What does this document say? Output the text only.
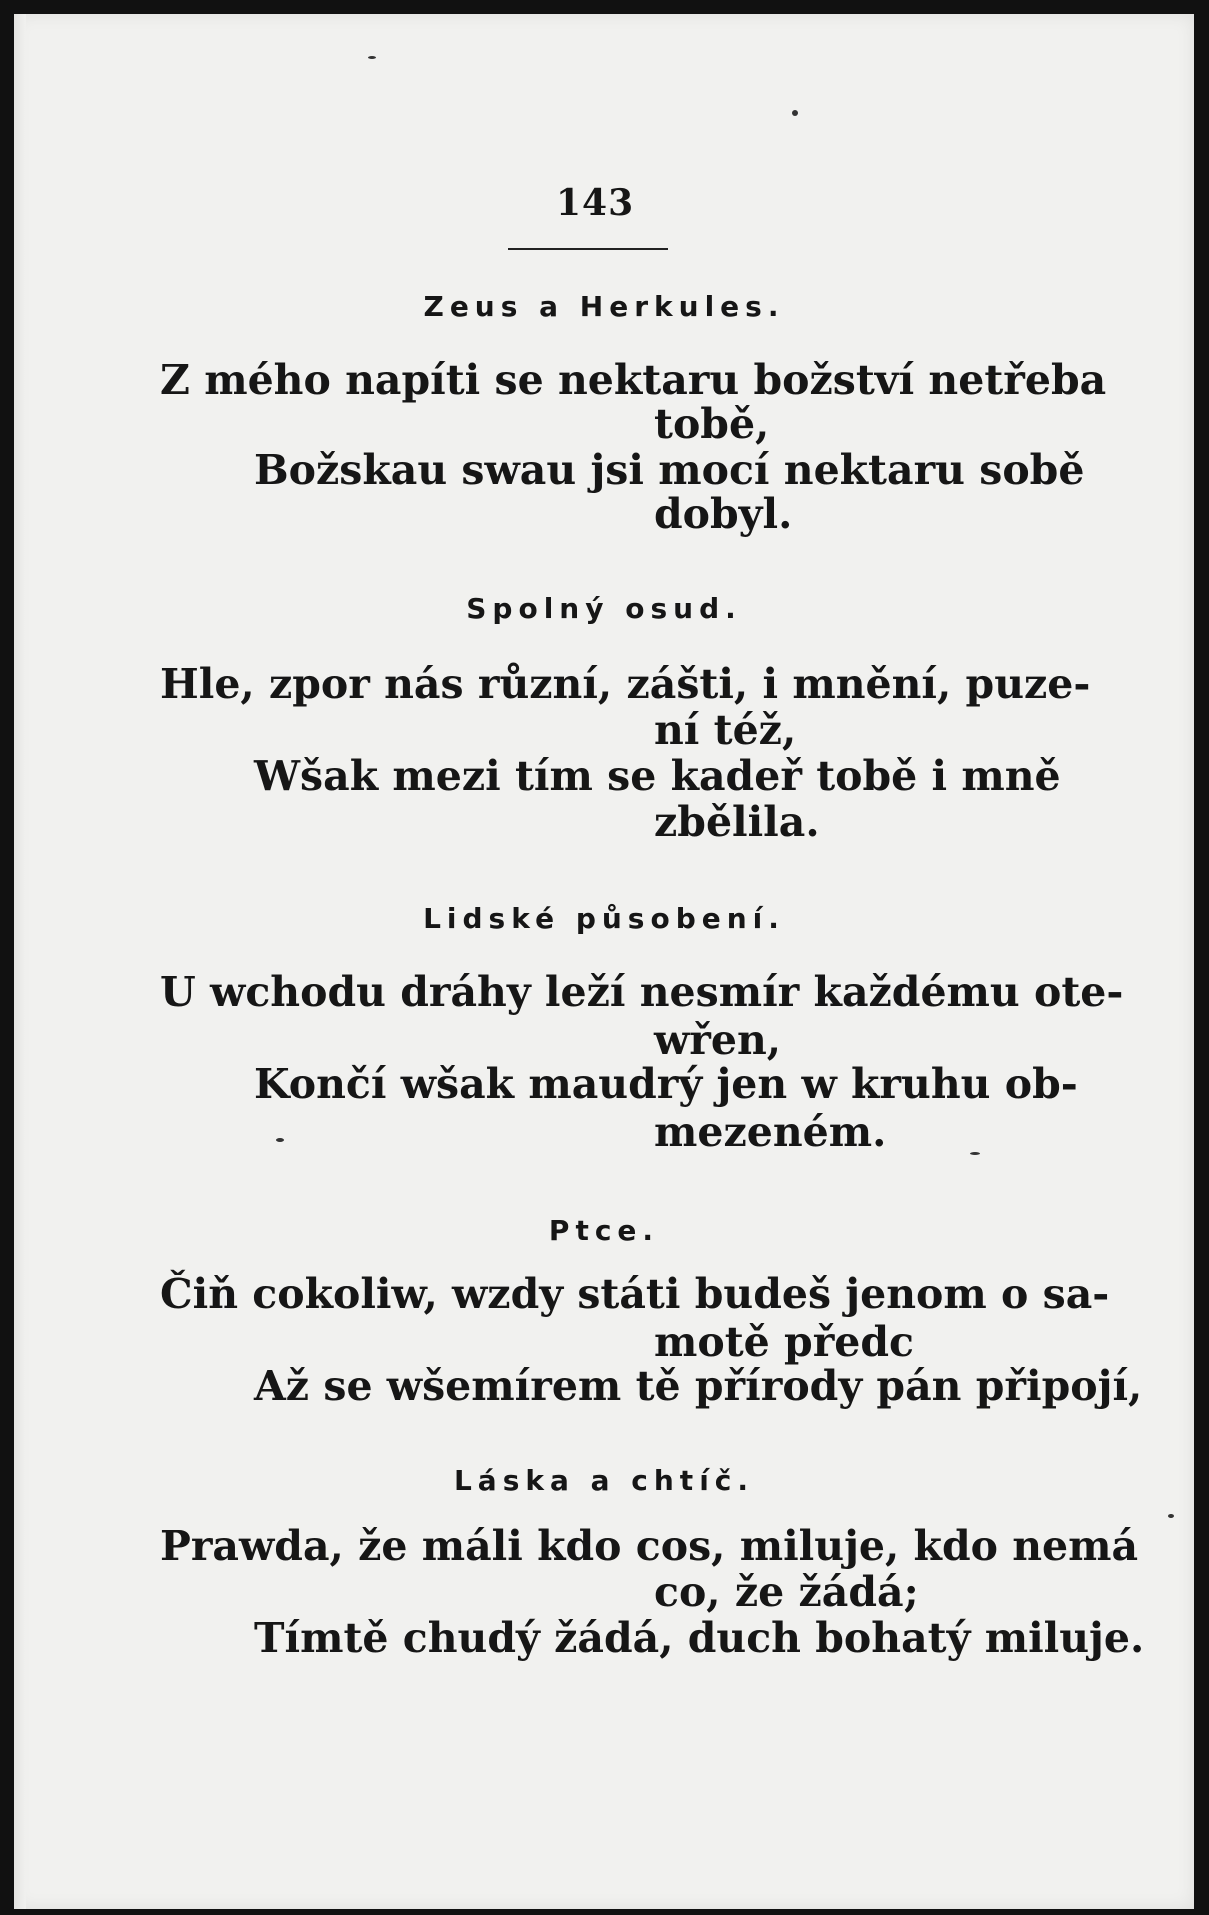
143
Zeus a Herkules.
Z mého napíti se nektaru božství netřeba
tobě,
Božskau swau jsi mocí nektaru sobě
dobyl.
Spolný osud.
Hle, zpor nás různí, zášti, i mnění, puze-
ní též,
Wšak mezi tím se kadeř tobě i mně
zbělila.
Lidské působení.
U wchodu dráhy leží nesmír každému ote-
wřen,
Končí wšak maudrý jen w kruhu ob-
mezeném.
Ptce.
Čiň cokoliw, wzdy státi budeš jenom o sa-
motě předc
Až se wšemírem tě přírody pán připojí,
Láska a chtíč.
Prawda, že máli kdo cos, miluje, kdo nemá
co, že žádá;
Tímtě chudý žádá, duch bohatý miluje.
